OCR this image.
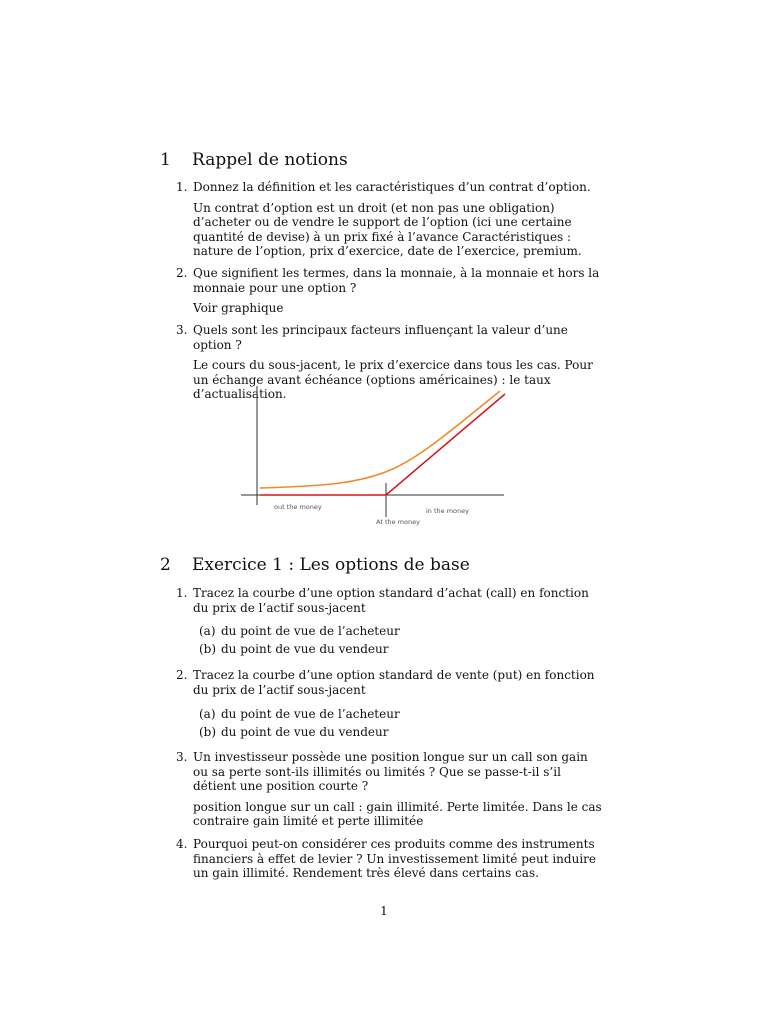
1 Rappel de notions
1. Donnez la définition et les caractéristiques d’un contrat d’option.

Un contrat d’option est un droit (et non pas une obligation) d’acheter ou de vendre le support de l’option (ici une certaine quantité de devise) à un prix fixé à l’avance Caractéristiques : nature de l’option, prix d’exercice, date de l’exercice, premium.

2. Que signifient les termes, dans la monnaie, à la monnaie et hors la monnaie pour une option ?

Voir graphique

3. Quels sont les principaux facteurs influençant la valeur d’une option ?

Le cours du sous-jacent, le prix d’exercice dans tous les cas. Pour un échange avant échéance (options américaines) : le taux d’actualisation.

out the money
At the money
in the money
2 Exercice 1 : Les options de base
1. Tracez la courbe d’une option standard d’achat (call) en fonction du prix de l’actif sous-jacent

(a) du point de vue de l’acheteur
(b) du point de vue du vendeur
2. Tracez la courbe d’une option standard de vente (put) en fonction du prix de l’actif sous-jacent

(a) du point de vue de l’acheteur
(b) du point de vue du vendeur
3. Un investisseur possède une position longue sur un call son gain ou sa perte sont-ils illimités ou limités ? Que se passe-t-il s’il détient une position courte ?

position longue sur un call : gain illimité. Perte limitée. Dans le cas contraire gain limité et perte illimitée

4. Pourquoi peut-on considérer ces produits comme des instruments financiers à effet de levier ? Un investissement limité peut induire un gain illimité. Rendement très élevé dans certains cas.

1
